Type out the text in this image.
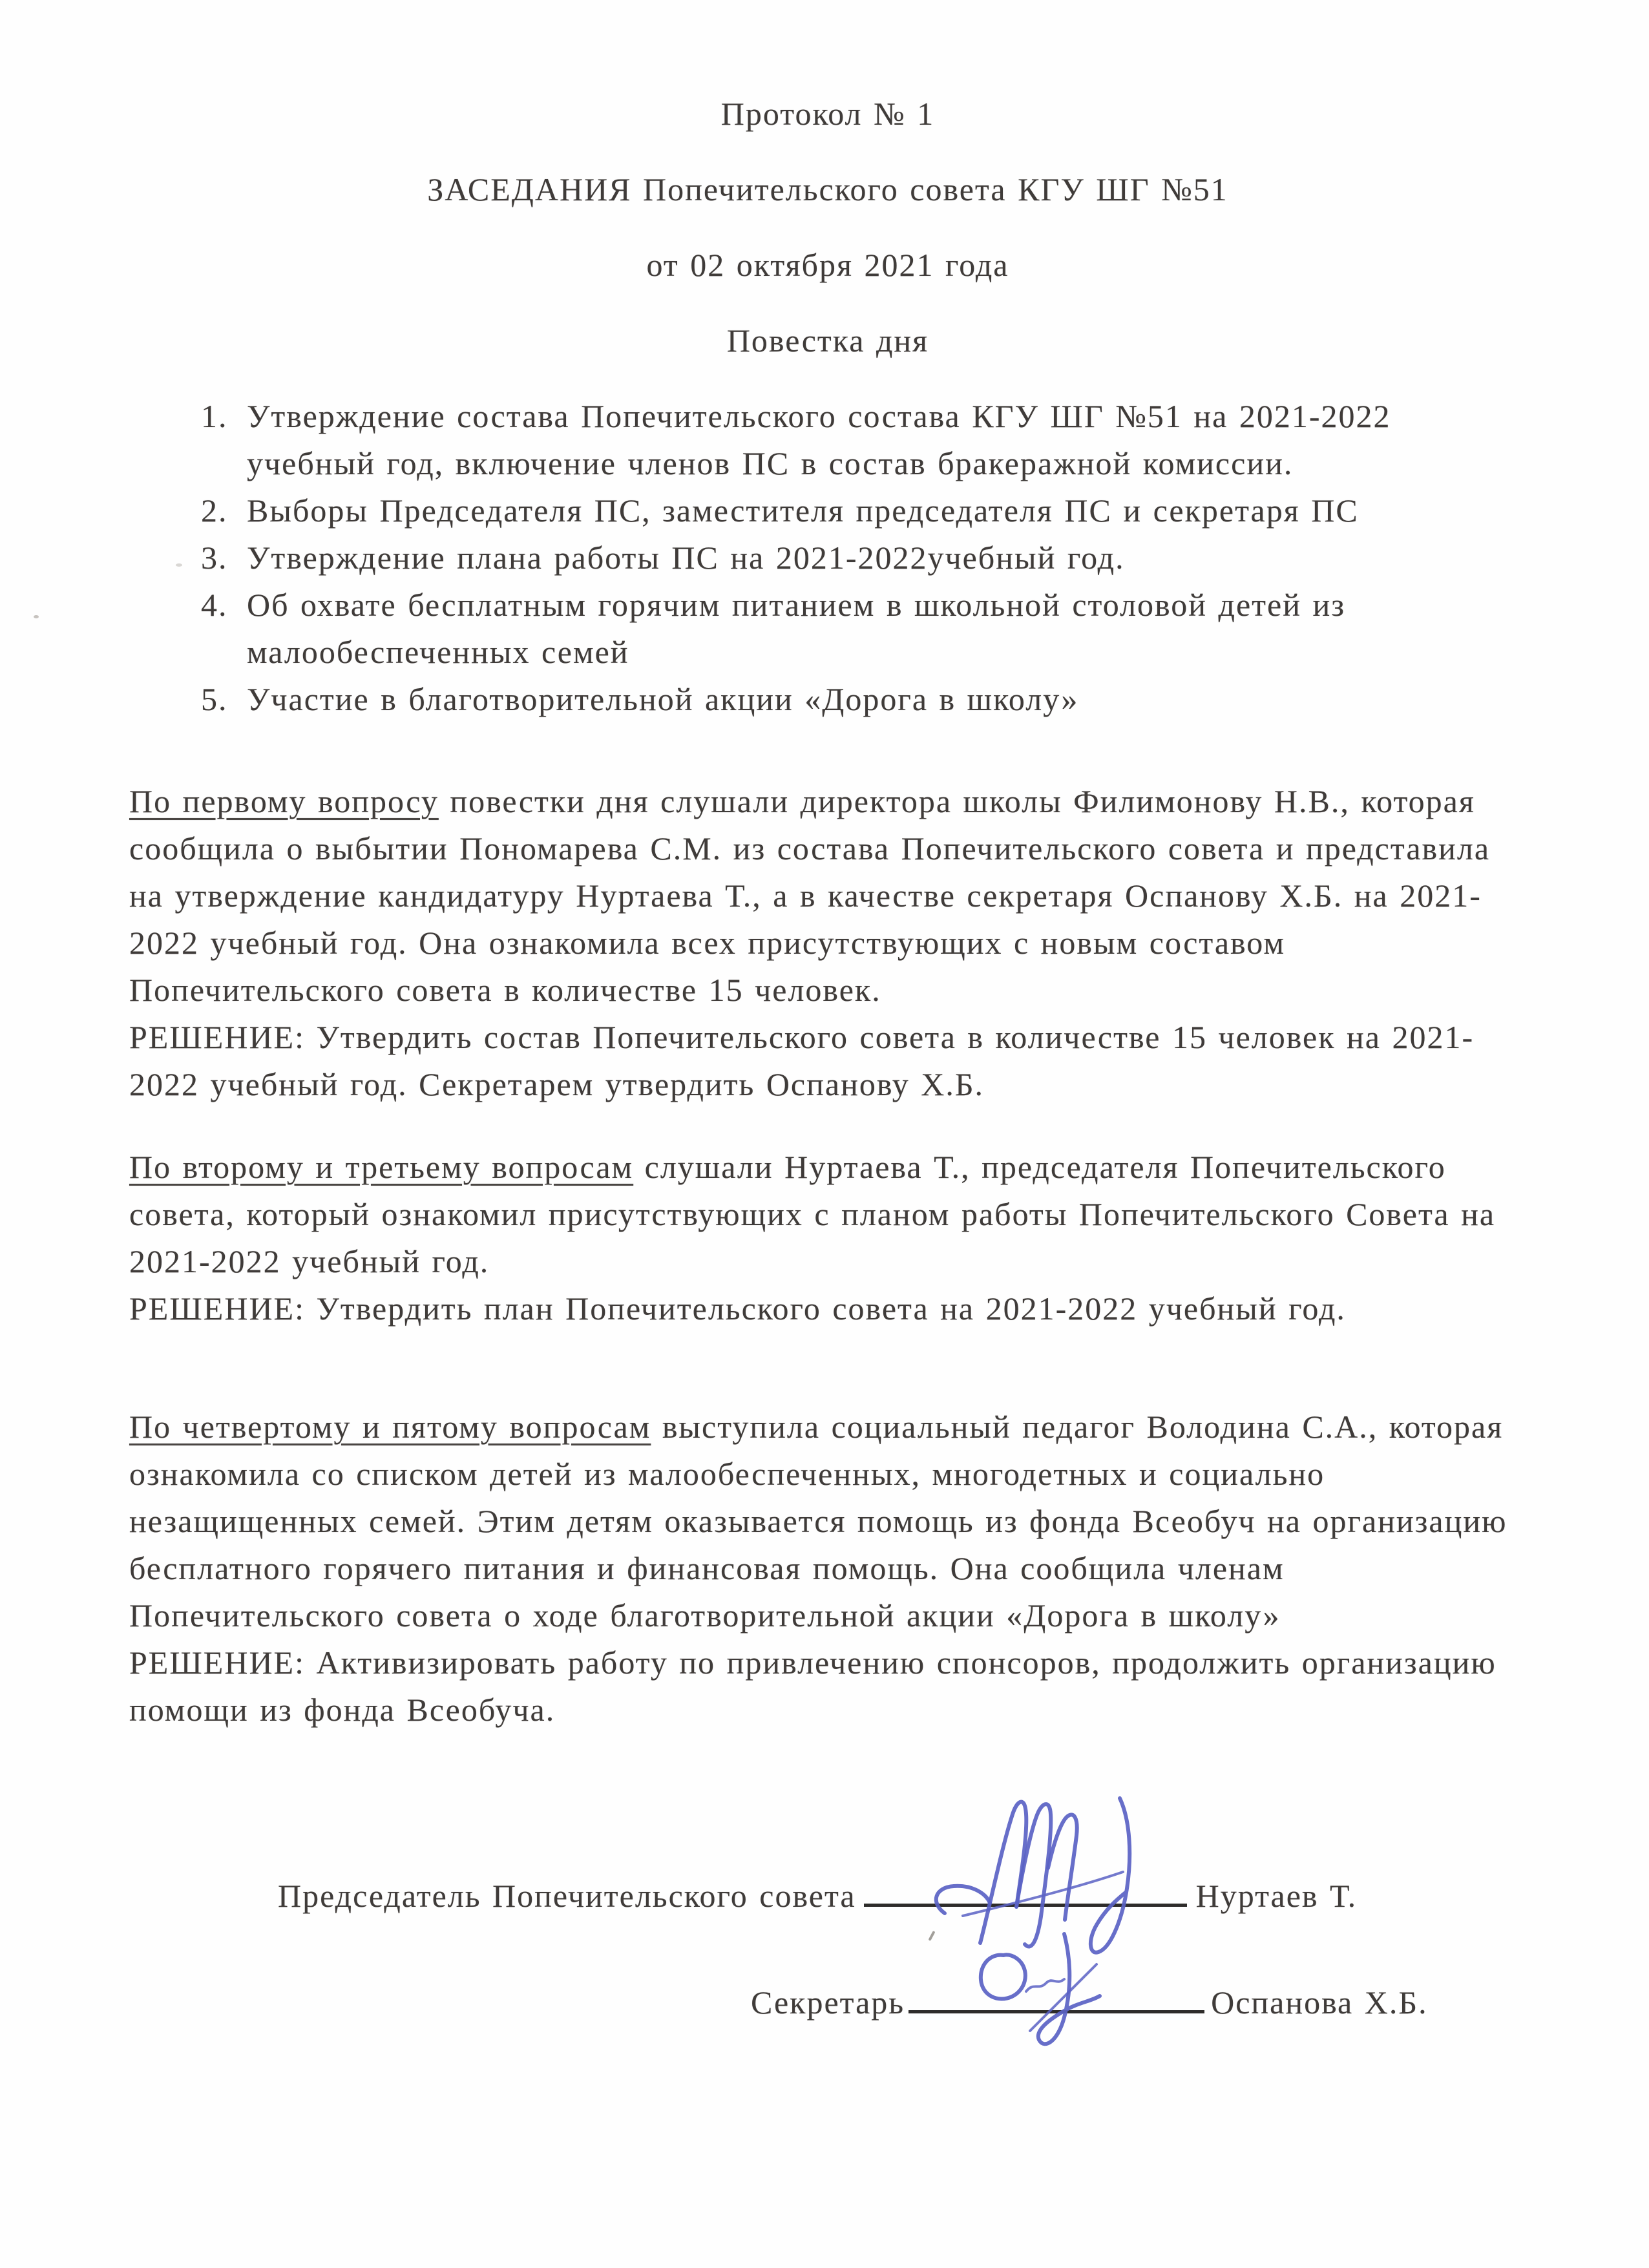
Протокол № 1
ЗАСЕДАНИЯ Попечительского совета КГУ ШГ №51
от 02 октября 2021 года
Повестка дня
1. Утверждение состава Попечительского состава КГУ ШГ №51 на 2021-2022 учебный год, включение членов ПС в состав бракеражной комиссии.
2. Выборы Председателя ПС, заместителя председателя ПС и секретаря ПС
3. Утверждение плана работы ПС на 2021-2022учебный год.
4. Об охвате бесплатным горячим питанием в школьной столовой детей из малообеспеченных семей
5. Участие в благотворительной акции «Дорога в школу»
По первому вопросу повестки дня слушали директора школы Филимонову Н.В., которая сообщила о выбытии Пономарева С.М. из состава Попечительского совета и представила на утверждение кандидатуру Нуртаева Т., а в качестве секретаря Оспанову Х.Б. на 2021-2022 учебный год. Она ознакомила всех присутствующих с новым составом Попечительского совета в количестве 15 человек.
РЕШЕНИЕ: Утвердить состав Попечительского совета в количестве 15 человек на 2021-2022 учебный год. Секретарем утвердить Оспанову Х.Б.
По второму и третьему вопросам слушали Нуртаева Т., председателя Попечительского совета, который ознакомил присутствующих с планом работы Попечительского Совета на
2021-2022 учебный год.
РЕШЕНИЕ: Утвердить план Попечительского совета на 2021-2022 учебный год.
По четвертому и пятому вопросам выступила социальный педагог Володина С.А., которая ознакомила со списком детей из малообеспеченных, многодетных и социально незащищенных семей. Этим детям оказывается помощь из фонда Всеобуч на организацию бесплатного горячего питания и финансовая помощь. Она сообщила членам Попечительского совета о ходе благотворительной акции «Дорога в школу»
РЕШЕНИЕ: Активизировать работу по привлечению спонсоров, продолжить организацию помощи из фонда Всеобуча.
Председатель Попечительского совета	Нуртаев Т.
Секретарь	Оспанова Х.Б.
